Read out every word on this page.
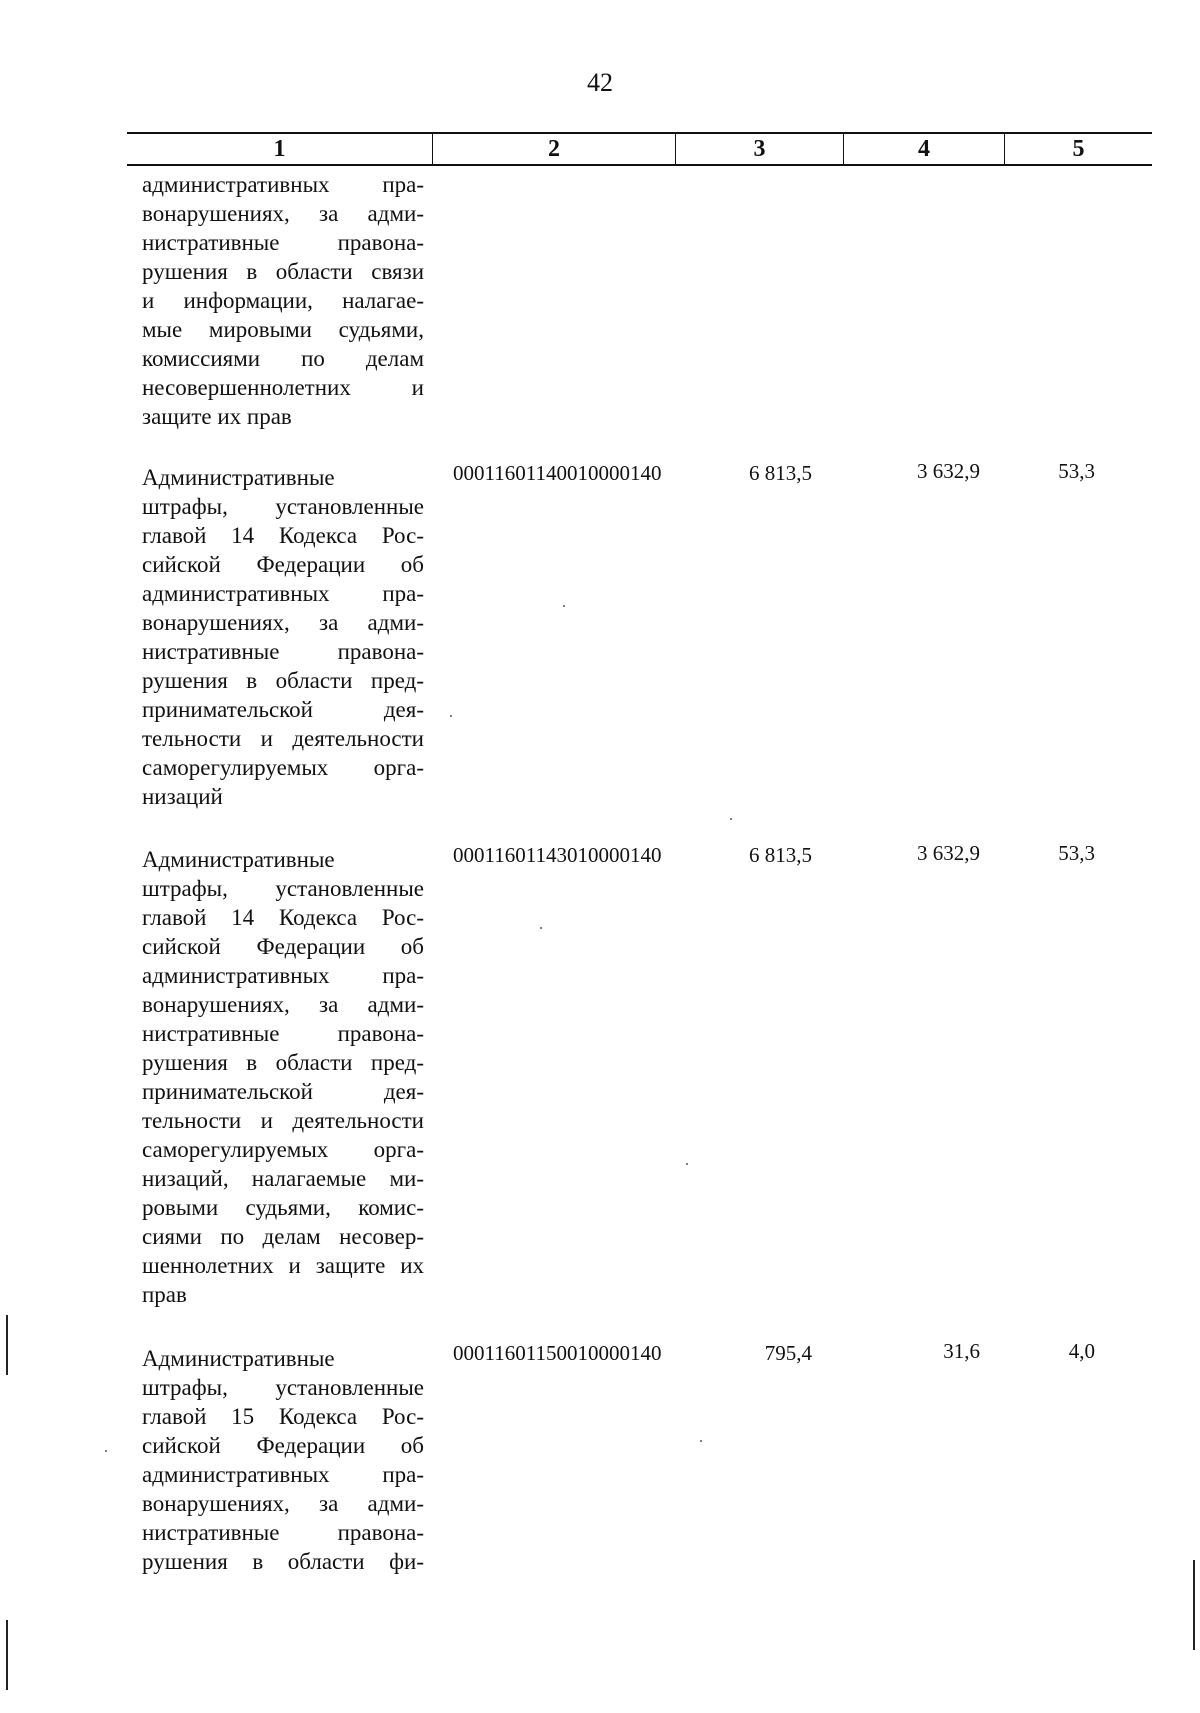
42
1	2	3	4	5
административных пра-
вонарушениях, за адми-
нистративные правона-
рушения в области связи
и информации, налагае-
мые мировыми судьями,
комиссиями по делам
несовершеннолетних и
защите их прав
Административные
штрафы, установленные
главой 14 Кодекса Рос-
сийской Федерации об
административных пра-
вонарушениях, за адми-
нистративные правона-
рушения в области пред-
принимательской дея-
тельности и деятельности
саморегулируемых орга-
низаций
00011601140010000140	6 813,5	3 632,9	53,3
Административные
штрафы, установленные
главой 14 Кодекса Рос-
сийской Федерации об
административных пра-
вонарушениях, за адми-
нистративные правона-
рушения в области пред-
принимательской дея-
тельности и деятельности
саморегулируемых орга-
низаций, налагаемые ми-
ровыми судьями, комис-
сиями по делам несовер-
шеннолетних и защите их
прав
00011601143010000140	6 813,5	3 632,9	53,3
Административные
штрафы, установленные
главой 15 Кодекса Рос-
сийской Федерации об
административных пра-
вонарушениях, за адми-
нистративные правона-
рушения в области фи-
00011601150010000140	795,4	31,6	4,0
